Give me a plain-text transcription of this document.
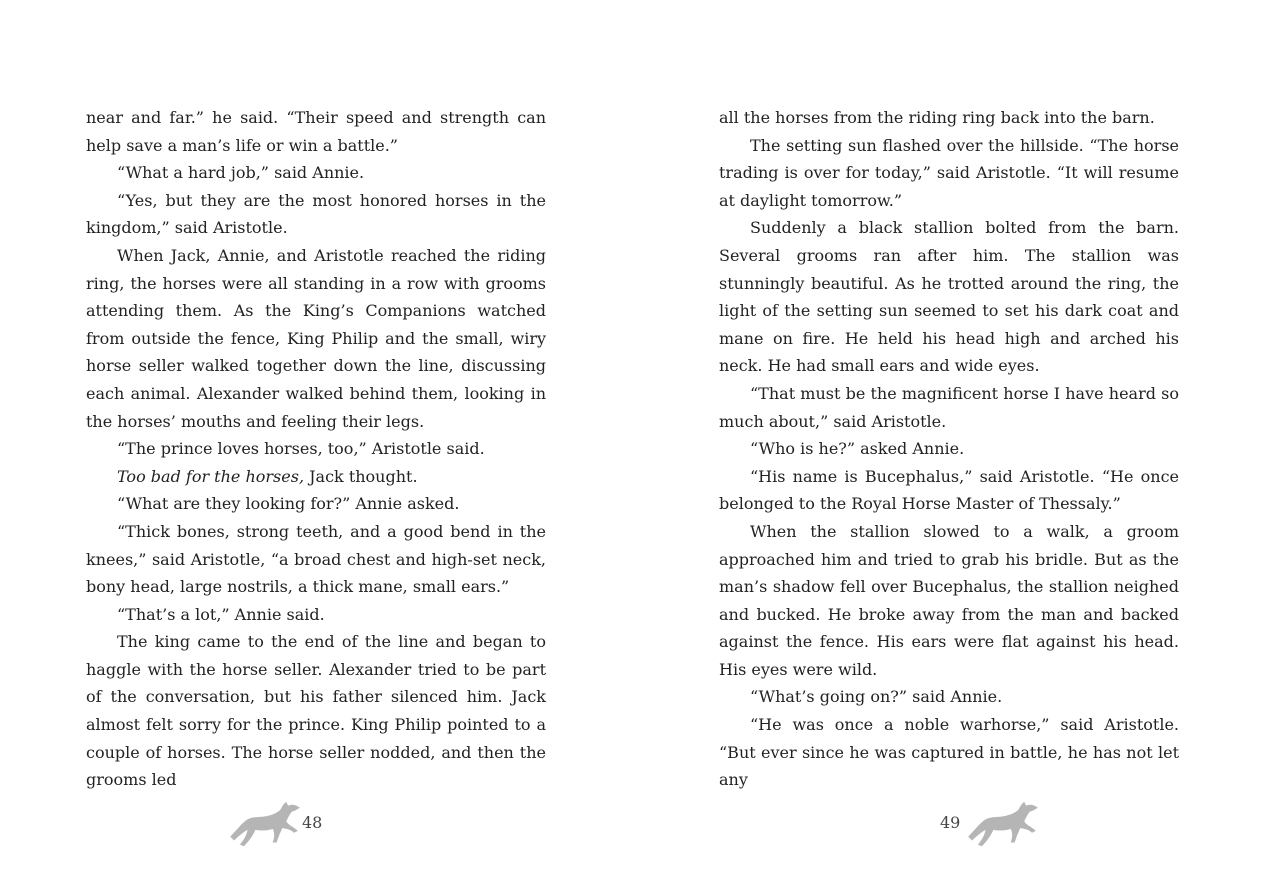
near and far.” he said. “Their speed and strength can help save a man’s life or win a battle.”

“What a hard job,” said Annie.

“Yes, but they are the most honored horses in the kingdom,” said Aristotle.

When Jack, Annie, and Aristotle reached the riding ring, the horses were all standing in a row with grooms attending them. As the King’s Companions watched from outside the fence, King Philip and the small, wiry horse seller walked together down the line, discussing each animal. Alexander walked behind them, looking in the horses’ mouths and feeling their legs.

“The prince loves horses, too,” Aristotle said.

Too bad for the horses, Jack thought.

“What are they looking for?” Annie asked.

“Thick bones, strong teeth, and a good bend in the knees,” said Aristotle, “a broad chest and high-set neck, bony head, large nostrils, a thick mane, small ears.”

“That’s a lot,” Annie said.

The king came to the end of the line and began to haggle with the horse seller. Alexander tried to be part of the conversation, but his father silenced him. Jack almost felt sorry for the prince. King Philip pointed to a couple of horses. The horse seller nodded, and then the grooms led

all the horses from the riding ring back into the barn.

The setting sun flashed over the hillside. “The horse trading is over for today,” said Aristotle. “It will resume at daylight tomorrow.”

Suddenly a black stallion bolted from the barn. Several grooms ran after him. The stallion was stunningly beautiful. As he trotted around the ring, the light of the setting sun seemed to set his dark coat and mane on fire. He held his head high and arched his neck. He had small ears and wide eyes.

“That must be the magnificent horse I have heard so much about,” said Aristotle.

“Who is he?” asked Annie.

“His name is Bucephalus,” said Aristotle. “He once belonged to the Royal Horse Master of Thessaly.”

When the stallion slowed to a walk, a groom approached him and tried to grab his bridle. But as the man’s shadow fell over Bucephalus, the stallion neighed and bucked. He broke away from the man and backed against the fence. His ears were flat against his head. His eyes were wild.

“What’s going on?” said Annie.

“He was once a noble warhorse,” said Aristotle. “But ever since he was captured in battle, he has not let any

48	49
